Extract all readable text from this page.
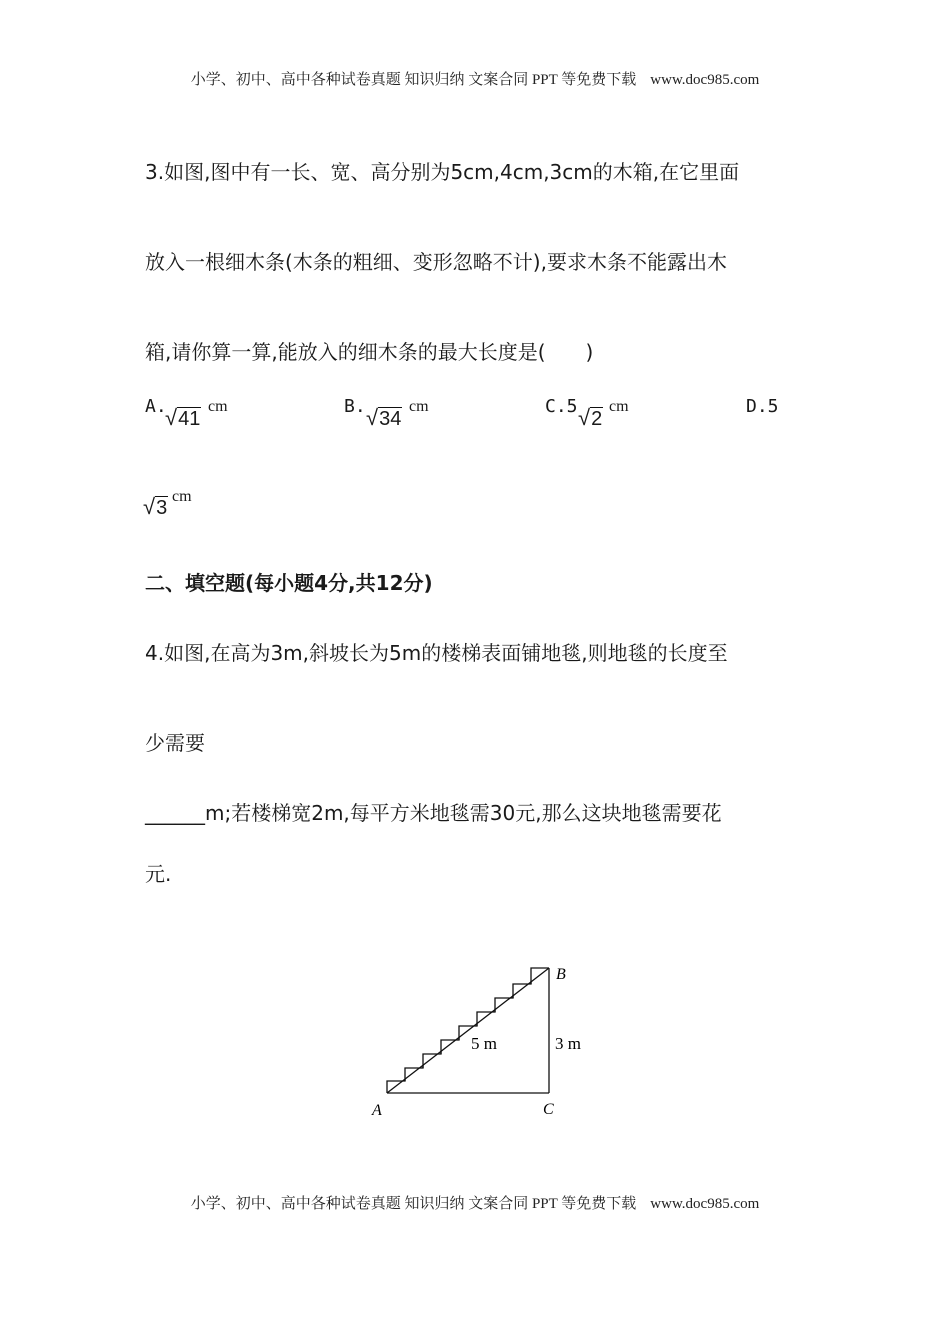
小学、初中、高中各种试卷真题 知识归纳 文案合同 PPT 等免费下载 www.doc985.com
3.如图,图中有一长、宽、高分别为5cm,4cm,3cm的木箱,在它里面
放入一根细木条(木条的粗细、变形忽略不计),要求木条不能露出木
箱,请你算一算,能放入的细木条的最大长度是(　　)
A.
√41
cm	B. √34
cm	C.5 √2
cm	D.5
√3
cm
二、填空题(每小题4分,共12分)
4.如图,在高为3m,斜坡长为5m的楼梯表面铺地毯,则地毯的长度至
少需要
______m;若楼梯宽2m,每平方米地毯需30元,那么这块地毯需要花
元.
A	C
B
5 m	3 m
小学、初中、高中各种试卷真题 知识归纳 文案合同 PPT 等免费下载 www.doc985.com
